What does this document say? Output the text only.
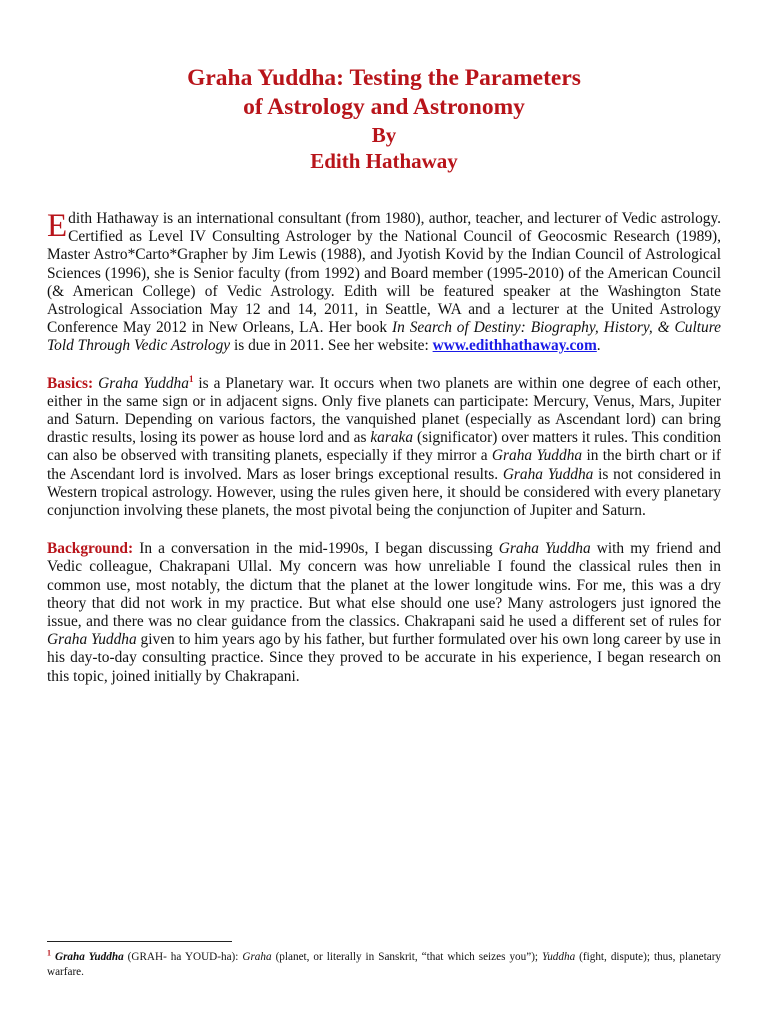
Graha Yuddha: Testing the Parameters
of Astrology and Astronomy
By
Edith Hathaway

Edith Hathaway is an international consultant (from 1980), author, teacher, and lecturer of Vedic astrology. Certified as Level IV Consulting Astrologer by the National Council of Geocosmic Research (1989), Master Astro*Carto*Grapher by Jim Lewis (1988), and Jyotish Kovid by the Indian Council of Astrological Sciences (1996), she is Senior faculty (from 1992) and Board member (1995-2010) of the American Council (& American College) of Vedic Astrology. Edith will be featured speaker at the Washington State Astrological Association May 12 and 14, 2011, in Seattle, WA and a lecturer at the United Astrology Conference May 2012 in New Orleans, LA. Her book In Search of Destiny: Biography, History, & Culture Told Through Vedic Astrology is due in 2011. See her website: www.edithhathaway.com.

Basics: Graha Yuddha$^1$ is a Planetary war. It occurs when two planets are within one degree of each other, either in the same sign or in adjacent signs. Only five planets can participate: Mercury, Venus, Mars, Jupiter and Saturn. Depending on various factors, the vanquished planet (especially as Ascendant lord) can bring drastic results, losing its power as house lord and as karaka (significator) over matters it rules. This condition can also be observed with transiting planets, especially if they mirror a Graha Yuddha in the birth chart or if the Ascendant lord is involved. Mars as loser brings exceptional results. Graha Yuddha is not considered in Western tropical astrology. However, using the rules given here, it should be considered with every planetary conjunction involving these planets, the most pivotal being the conjunction of Jupiter and Saturn.

Background: In a conversation in the mid-1990s, I began discussing Graha Yuddha with my friend and Vedic colleague, Chakrapani Ullal. My concern was how unreliable I found the classical rules then in common use, most notably, the dictum that the planet at the lower longitude wins. For me, this was a dry theory that did not work in my practice. But what else should one use? Many astrologers just ignored the issue, and there was no clear guidance from the classics. Chakrapani said he used a different set of rules for Graha Yuddha given to him years ago by his father, but further formulated over his own long career by use in his day-to-day consulting practice. Since they proved to be accurate in his experience, I began research on this topic, joined initially by Chakrapani.

$^1$ Graha Yuddha (GRAH- ha YOUD-ha): Graha (planet, or literally in Sanskrit, “that which seizes you”); Yuddha (fight, dispute); thus, planetary warfare.
